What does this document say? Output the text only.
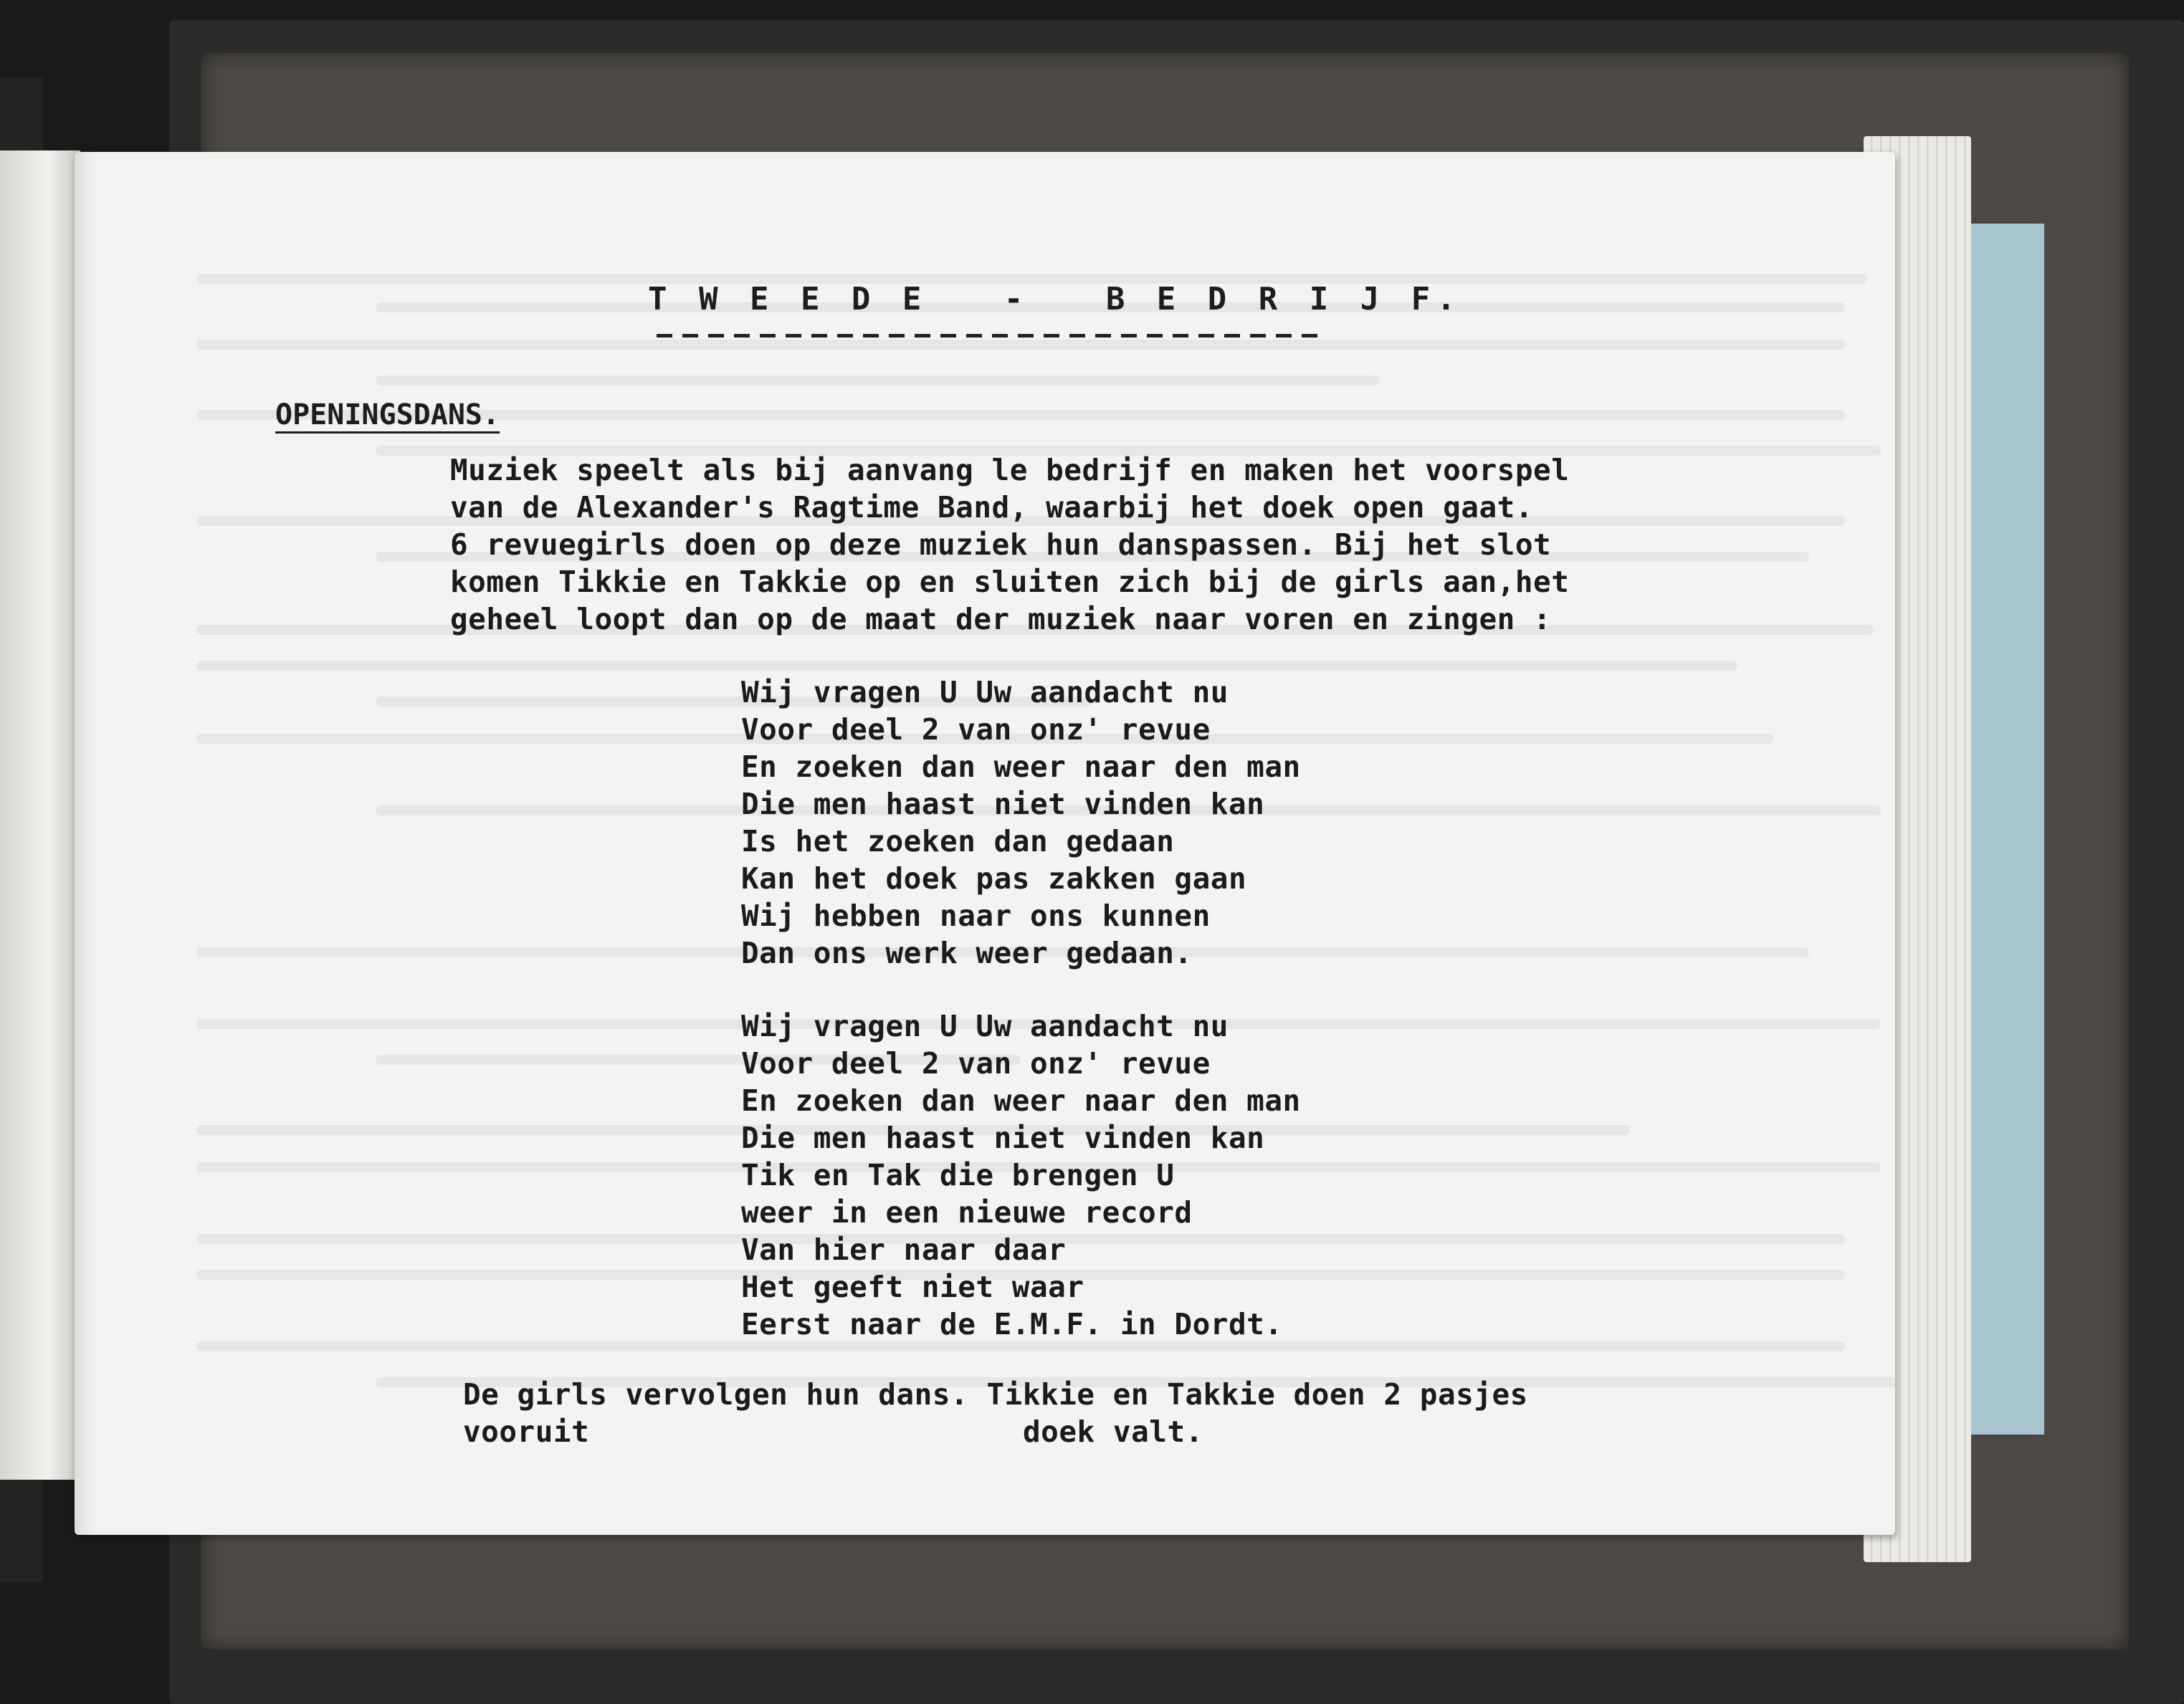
T W E E D E   -   B E D R I J F.
OPENINGSDANS.
Muziek speelt als bij aanvang le bedrijf en maken het voorspel
van de Alexander's Ragtime Band, waarbij het doek open gaat.
6 revuegirls doen op deze muziek hun danspassen. Bij het slot
komen Tikkie en Takkie op en sluiten zich bij de girls aan,het
geheel loopt dan op de maat der muziek naar voren en zingen :
Wij vragen U Uw aandacht nu
Voor deel 2 van onz' revue
En zoeken dan weer naar den man
Die men haast niet vinden kan
Is het zoeken dan gedaan
Kan het doek pas zakken gaan
Wij hebben naar ons kunnen
Dan ons werk weer gedaan.
Wij vragen U Uw aandacht nu
Voor deel 2 van onz' revue
En zoeken dan weer naar den man
Die men haast niet vinden kan
Tik en Tak die brengen U
weer in een nieuwe record
Van hier naar daar
Het geeft niet waar
Eerst naar de E.M.F. in Dordt.
De girls vervolgen hun dans. Tikkie en Takkie doen 2 pasjes
vooruit	doek valt.
